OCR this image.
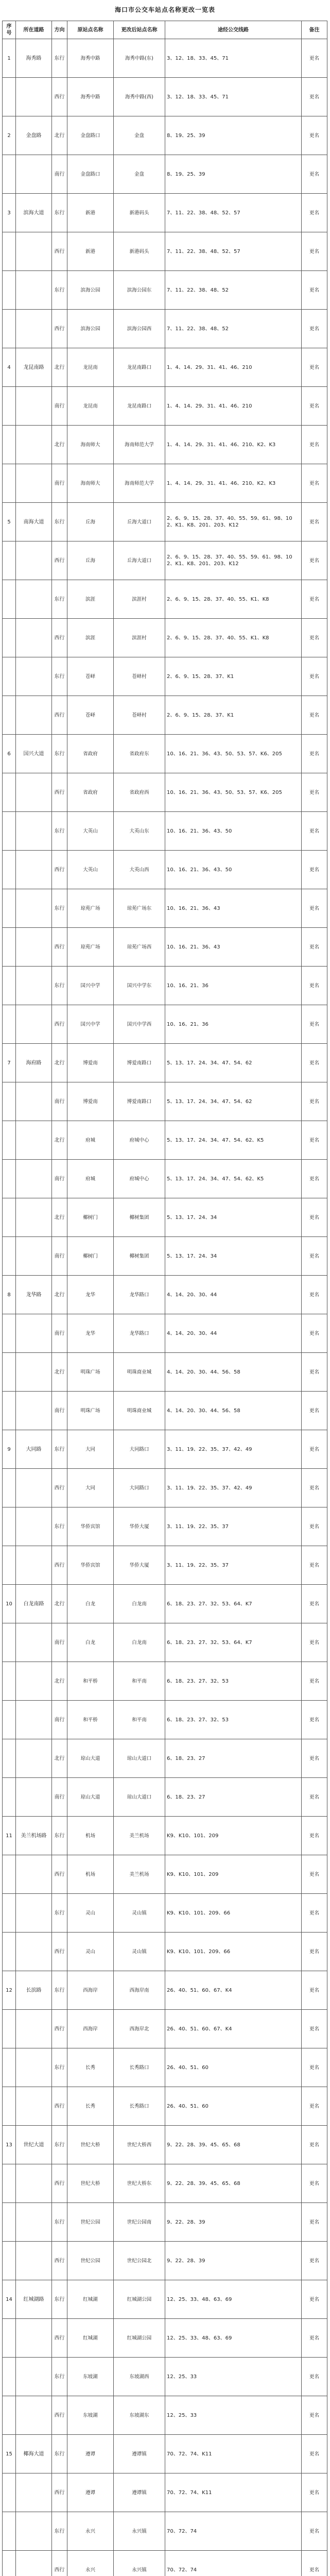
海口市公交车站点名称更改一览表
序号	所在道路	方向	原站点名称	更改后站点名称	途经公交线路	备注
1	海秀路	东行	海秀中路	海秀中路(东)	3、12、18、33、45、71	更名
		西行	海秀中路	海秀中路(西)	3、12、18、33、45、71	更名
2	金盘路	北行	金盘路口	金盘	8、19、25、39	更名
		南行	金盘路口	金盘	8、19、25、39	更名
3	滨海大道	东行	新港	新港码头	7、11、22、38、48、52、57	更名
		西行	新港	新港码头	7、11、22、38、48、52、57	更名
		东行	滨海公园	滨海公园东	7、11、22、38、48、52	更名
		西行	滨海公园	滨海公园西	7、11、22、38、48、52	更名
4	龙昆南路	北行	龙昆南	龙昆南路口	1、4、14、29、31、41、46、210	更名
		南行	龙昆南	龙昆南路口	1、4、14、29、31、41、46、210	更名
		北行	海南师大	海南师范大学	1、4、14、29、31、41、46、210、K2、K3	更名
		南行	海南师大	海南师范大学	1、4、14、29、31、41、46、210、K2、K3	更名
5	南海大道	东行	丘海	丘海大道口	2、6、9、15、28、37、40、55、59、61、98、102、K1、K8、201、203、K12	更名
		西行	丘海	丘海大道口	2、6、9、15、28、37、40、55、59、61、98、102、K1、K8、201、203、K12	更名
		东行	滨涯	滨涯村	2、6、9、15、28、37、40、55、K1、K8	更名
		西行	滨涯	滨涯村	2、6、9、15、28、37、40、55、K1、K8	更名
		东行	苍峄	苍峄村	2、6、9、15、28、37、K1	更名
		西行	苍峄	苍峄村	2、6、9、15、28、37、K1	更名
6	国兴大道	东行	省政府	省政府东	10、16、21、36、43、50、53、57、K6、205	更名
		西行	省政府	省政府西	10、16、21、36、43、50、53、57、K6、205	更名
		东行	大英山	大英山东	10、16、21、36、43、50	更名
		西行	大英山	大英山西	10、16、21、36、43、50	更名
		东行	琼苑广场	琼苑广场东	10、16、21、36、43	更名
		西行	琼苑广场	琼苑广场西	10、16、21、36、43	更名
		东行	国兴中学	国兴中学东	10、16、21、36	更名
		西行	国兴中学	国兴中学西	10、16、21、36	更名
7	海府路	北行	博爱南	博爱南路口	5、13、17、24、34、47、54、62	更名
		南行	博爱南	博爱南路口	5、13、17、24、34、47、54、62	更名
		北行	府城	府城中心	5、13、17、24、34、47、54、62、K5	更名
		南行	府城	府城中心	5、13、17、24、34、47、54、62、K5	更名
		北行	椰树门	椰树集团	5、13、17、24、34	更名
		南行	椰树门	椰树集团	5、13、17、24、34	更名
8	龙华路	北行	龙华	龙华路口	4、14、20、30、44	更名
		南行	龙华	龙华路口	4、14、20、30、44	更名
		北行	明珠广场	明珠商业城	4、14、20、30、44、56、58	更名
		南行	明珠广场	明珠商业城	4、14、20、30、44、56、58	更名
9	大同路	东行	大同	大同路口	3、11、19、22、35、37、42、49	更名
		西行	大同	大同路口	3、11、19、22、35、37、42、49	更名
		东行	华侨宾馆	华侨大厦	3、11、19、22、35、37	更名
		西行	华侨宾馆	华侨大厦	3、11、19、22、35、37	更名
10	白龙南路	北行	白龙	白龙南	6、18、23、27、32、53、64、K7	更名
		南行	白龙	白龙南	6、18、23、27、32、53、64、K7	更名
		北行	和平桥	和平南	6、18、23、27、32、53	更名
		南行	和平桥	和平南	6、18、23、27、32、53	更名
		北行	琼山大道	琼山大道口	6、18、23、27	更名
		南行	琼山大道	琼山大道口	6、18、23、27	更名
11	美兰机场路	东行	机场	美兰机场	K9、K10、101、209	更名
		西行	机场	美兰机场	K9、K10、101、209	更名
		东行	灵山	灵山镇	K9、K10、101、209、66	更名
		西行	灵山	灵山镇	K9、K10、101、209、66	更名
12	长滨路	东行	西海岸	西海岸南	26、40、51、60、67、K4	更名
		西行	西海岸	西海岸北	26、40、51、60、67、K4	更名
		东行	长秀	长秀路口	26、40、51、60	更名
		西行	长秀	长秀路口	26、40、51、60	更名
13	世纪大道	东行	世纪大桥	世纪大桥西	9、22、28、39、45、65、68	更名
		西行	世纪大桥	世纪大桥东	9、22、28、39、45、65、68	更名
		东行	世纪公园	世纪公园南	9、22、28、39	更名
		西行	世纪公园	世纪公园北	9、22、28、39	更名
14	红城湖路	东行	红城湖	红城湖公园	12、25、33、48、63、69	更名
		西行	红城湖	红城湖公园	12、25、33、48、63、69	更名
		东行	东坡湖	东坡湖西	12、25、33	更名
		西行	东坡湖	东坡湖东	12、25、33	更名
15	椰海大道	东行	遵谭	遵谭镇	70、72、74、K11	更名
		西行	遵谭	遵谭镇	70、72、74、K11	更名
		东行	永兴	永兴镇	70、72、74	更名
		西行	永兴	永兴镇	70、72、74	更名
